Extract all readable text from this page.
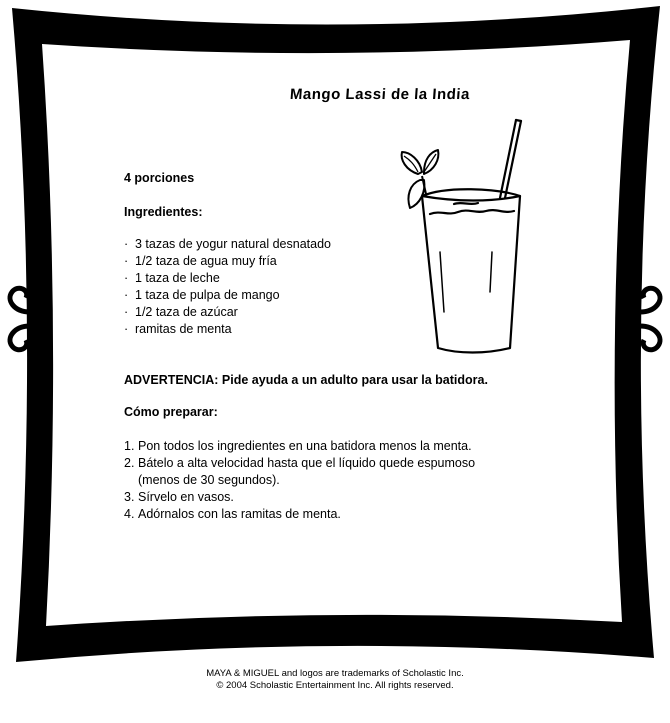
Mango Lassi de la India
4 porciones
Ingredientes:
· 3 tazas de yogur natural desnatado
· 1/2 taza de agua muy fría
· 1 taza de leche
· 1 taza de pulpa de mango
· 1/2 taza de azúcar
· ramitas de menta
ADVERTENCIA: Pide ayuda a un adulto para usar la batidora.
Cómo preparar:
1. Pon todos los ingredientes en una batidora menos la menta.
2. Bátelo a alta velocidad hasta que el líquido quede espumoso (menos de 30 segundos).
3. Sírvelo en vasos.
4. Adórnalos con las ramitas de menta.
MAYA & MIGUEL and logos are trademarks of Scholastic Inc.
© 2004 Scholastic Entertainment Inc. All rights reserved.
